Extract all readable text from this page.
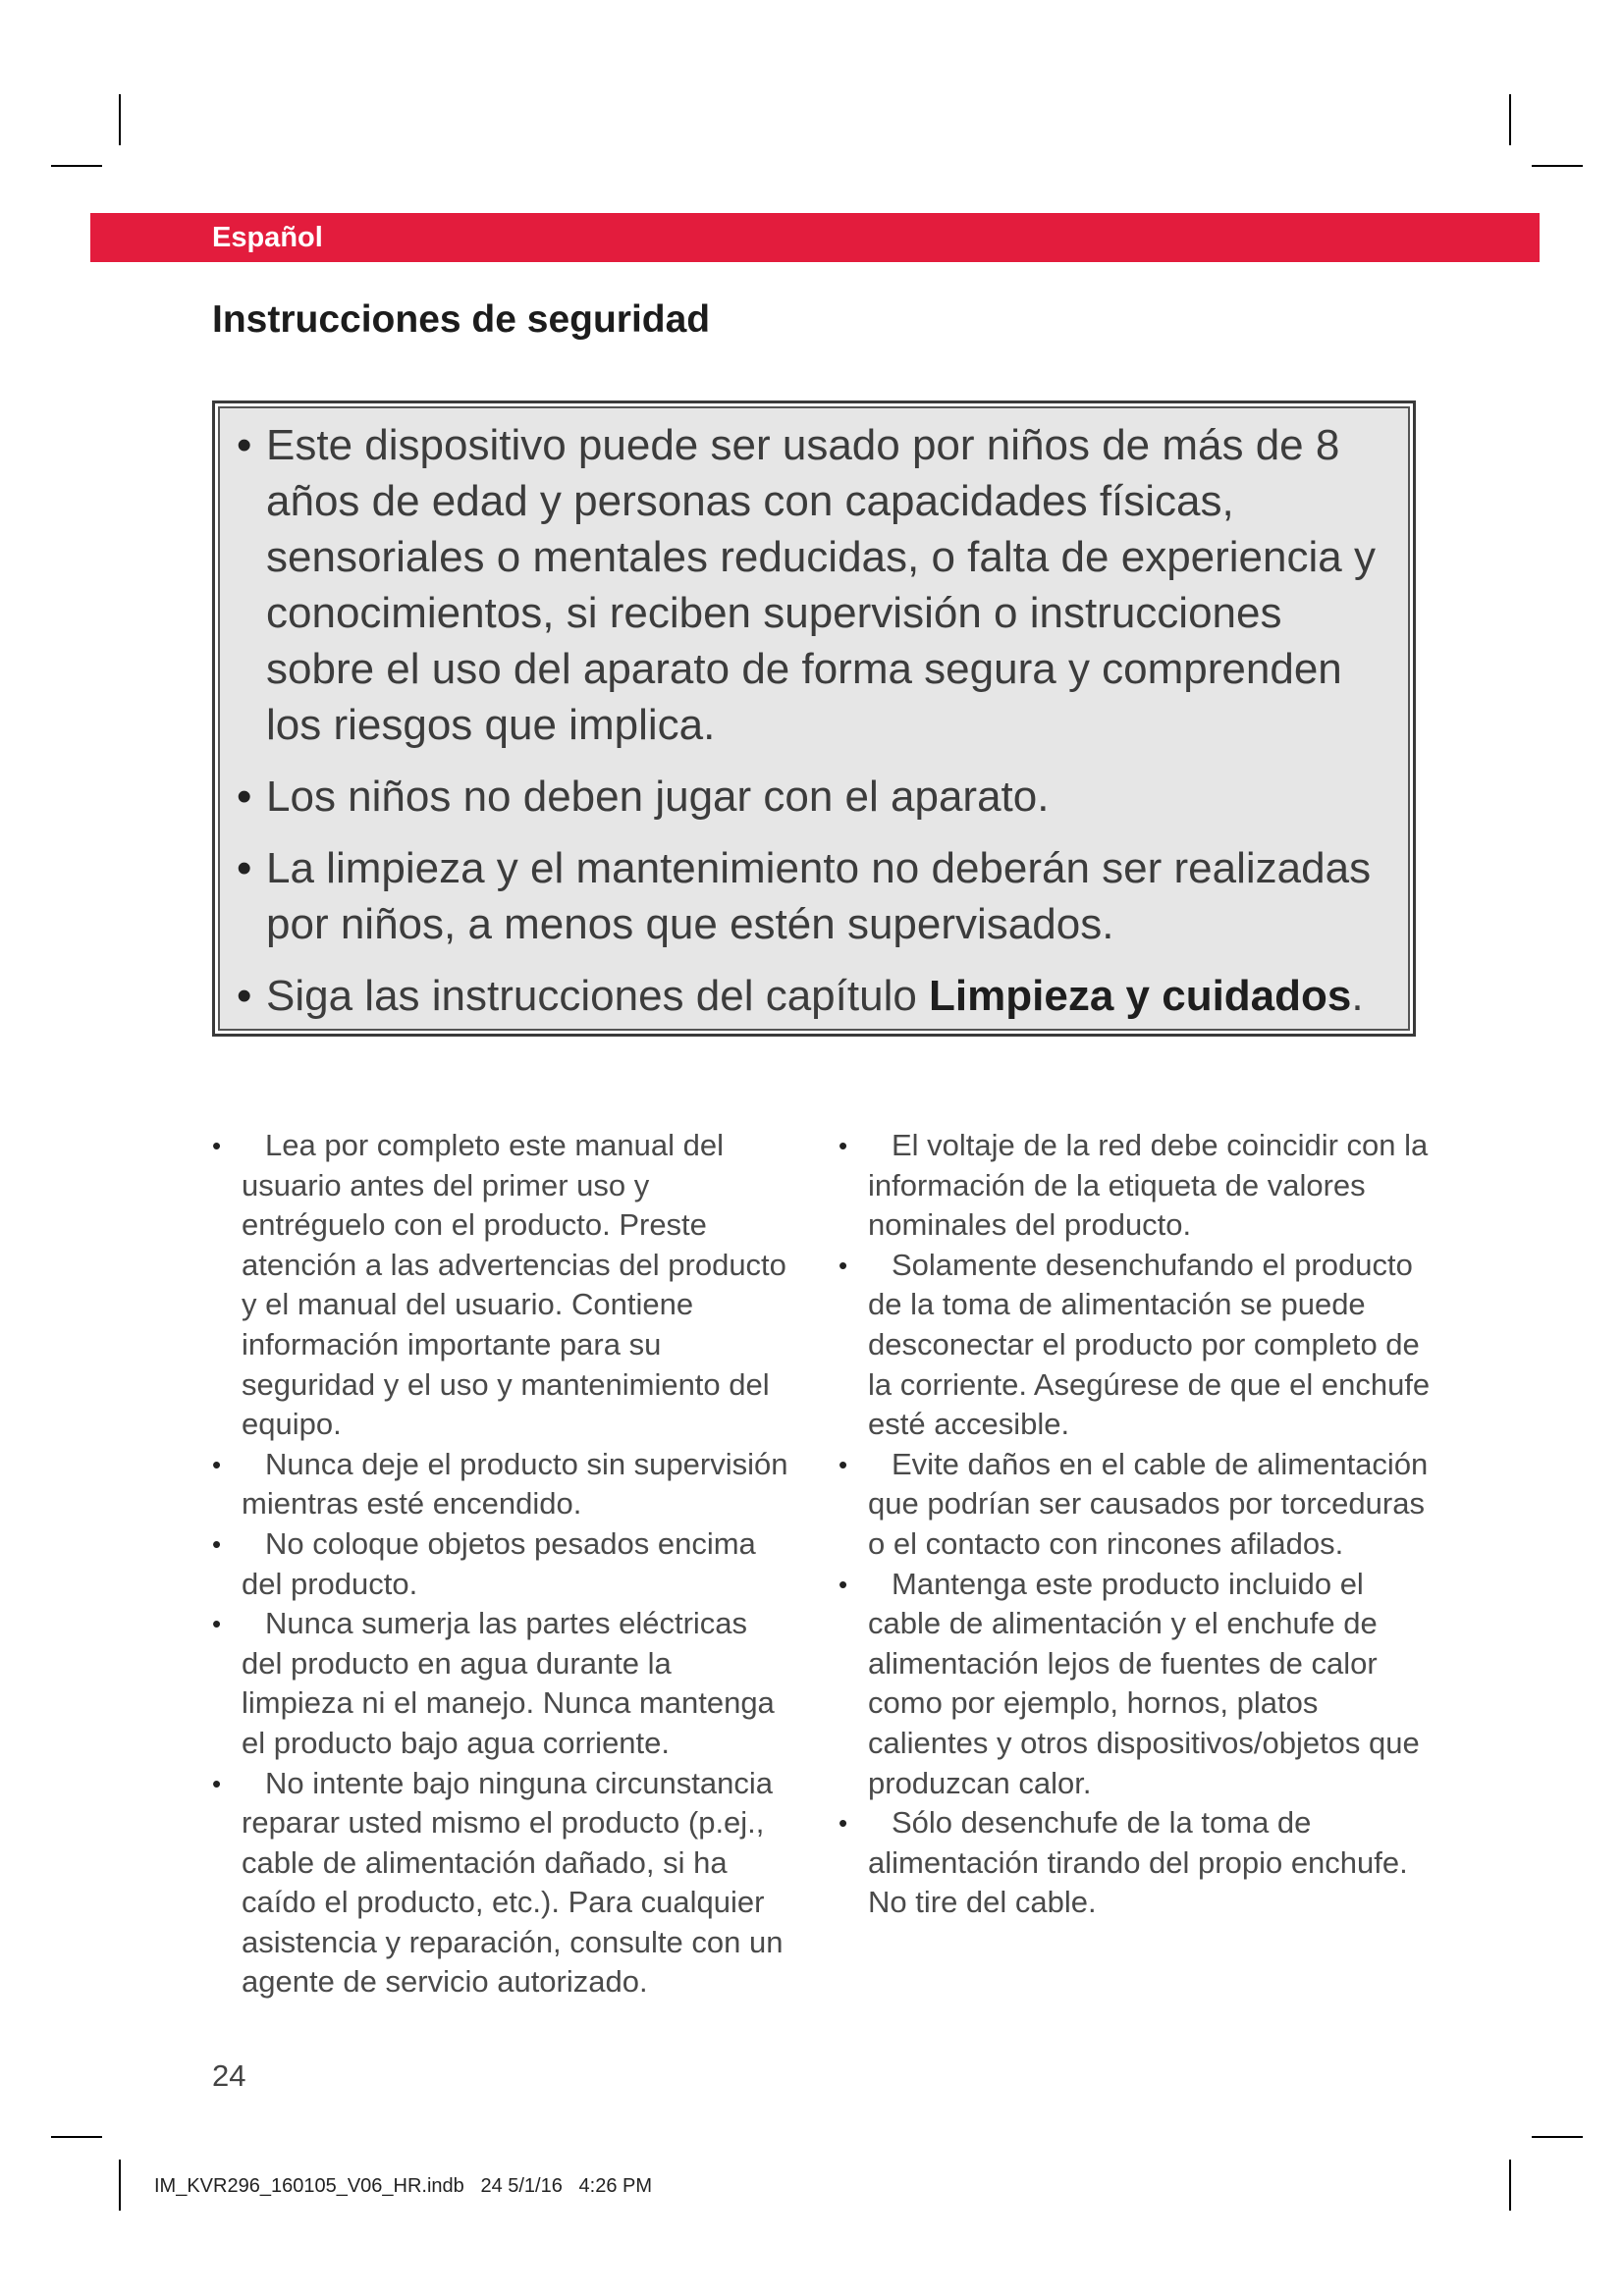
Español
Instrucciones de seguridad
• Este dispositivo puede ser usado por niños de más de 8 años de edad y personas con capacidades físicas, sensoriales o mentales reducidas, o falta de experiencia y conocimientos, si reciben supervisión o instrucciones sobre el uso del aparato de forma segura y comprenden los riesgos que implica.
• Los niños no deben jugar con el aparato.
• La limpieza y el mantenimiento no deberán ser realizadas por niños, a menos que estén supervisados.
• Siga las instrucciones del capítulo Limpieza y cuidados.
• Lea por completo este manual del usuario antes del primer uso y entréguelo con el producto. Preste atención a las advertencias del producto y el manual del usuario. Contiene información importante para su seguridad y el uso y mantenimiento del equipo.
• Nunca deje el producto sin supervisión mientras esté encendido.
• No coloque objetos pesados encima del producto.
• Nunca sumerja las partes eléctricas del producto en agua durante la limpieza ni el manejo. Nunca mantenga el producto bajo agua corriente.
• No intente bajo ninguna circunstancia reparar usted mismo el producto (p.ej., cable de alimentación dañado, si ha caído el producto, etc.). Para cualquier asistencia y reparación, consulte con un agente de servicio autorizado.
• El voltaje de la red debe coincidir con la información de la etiqueta de valores nominales del producto.
• Solamente desenchufando el producto de la toma de alimentación se puede desconectar el producto por completo de la corriente. Asegúrese de que el enchufe esté accesible.
• Evite daños en el cable de alimentación que podrían ser causados por torceduras o el contacto con rincones afilados.
• Mantenga este producto incluido el cable de alimentación y el enchufe de alimentación lejos de fuentes de calor como por ejemplo, hornos, platos calientes y otros dispositivos/objetos que produzcan calor.
• Sólo desenchufe de la toma de alimentación tirando del propio enchufe. No tire del cable.
24
IM_KVR296_160105_V06_HR.indb   24 5/1/16   4:26 PM
